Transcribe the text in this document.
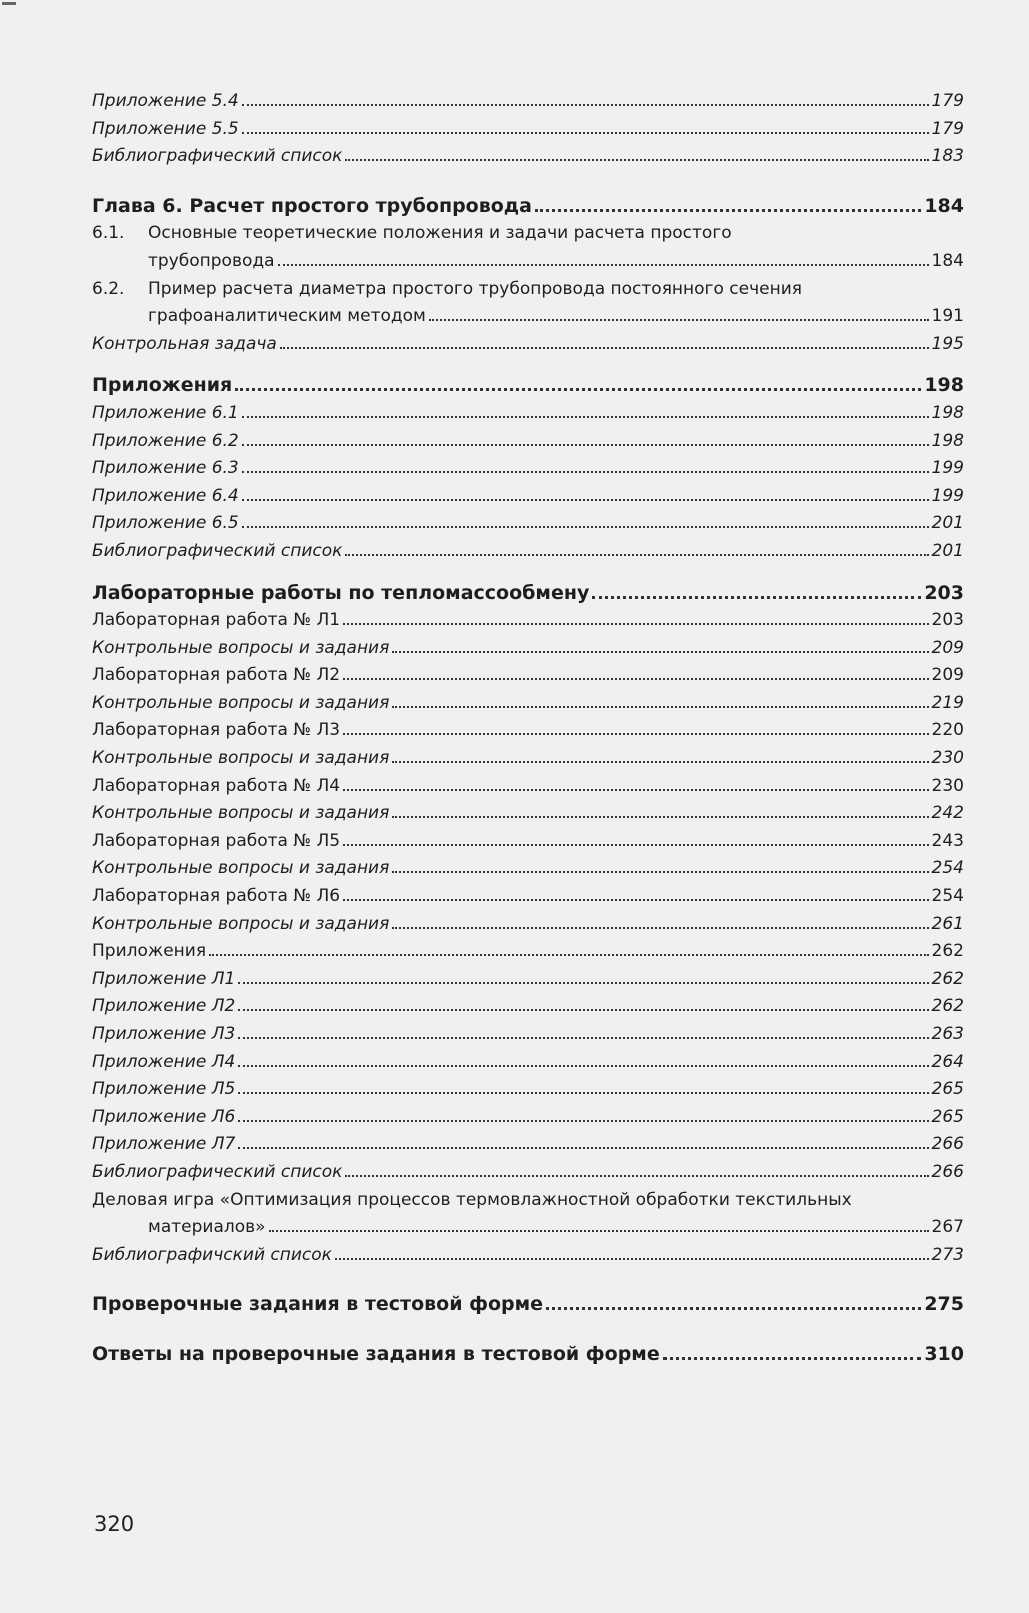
Приложение 5.4	179
Приложение 5.5	179
Библиографический список	183
Глава 6. Расчет простого трубопровода	184
6.1.	Основные теоретические положения и задачи расчета простого
трубопровода	184
6.2.	Пример расчета диаметра простого трубопровода постоянного сечения
графоаналитическим методом	191
Контрольная задача	195
Приложения	198
Приложение 6.1	198
Приложение 6.2	198
Приложение 6.3	199
Приложение 6.4	199
Приложение 6.5	201
Библиографический список	201
Лабораторные работы по тепломассообмену	203
Лабораторная работа № Л1	203
Контрольные вопросы и задания	209
Лабораторная работа № Л2	209
Контрольные вопросы и задания	219
Лабораторная работа № Л3	220
Контрольные вопросы и задания	230
Лабораторная работа № Л4	230
Контрольные вопросы и задания	242
Лабораторная работа № Л5	243
Контрольные вопросы и задания	254
Лабораторная работа № Л6	254
Контрольные вопросы и задания	261
Приложения	262
Приложение Л1	262
Приложение Л2	262
Приложение Л3	263
Приложение Л4	264
Приложение Л5	265
Приложение Л6	265
Приложение Л7	266
Библиографический список	266
Деловая игра «Оптимизация процессов термовлажностной обработки текстильных
материалов»	267
Библиографичский список	273
Проверочные задания в тестовой форме	275
Ответы на проверочные задания в тестовой форме	310
320
